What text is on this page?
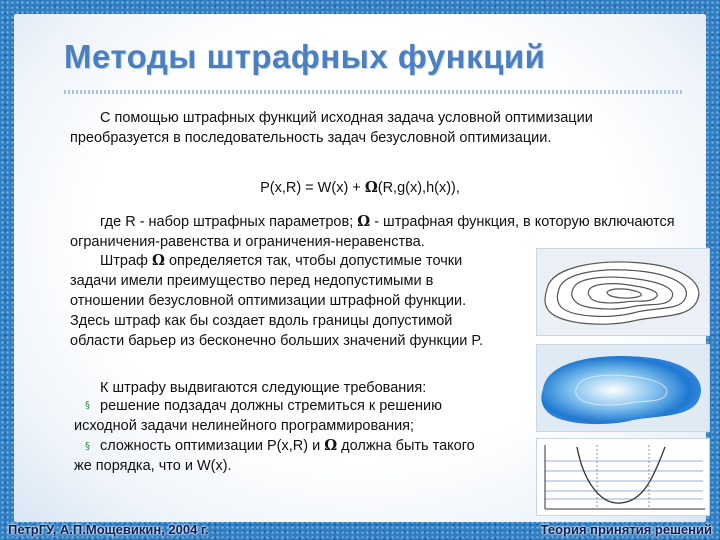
Методы штрафных функций

С помощью штрафных функций исходная задача условной оптимизации преобразуется в последовательность задач безусловной оптимизации.

P(x,R) = W(x) + Ω(R,g(x),h(x)),

где R - набор штрафных параметров; Ω - штрафная функция, в которую включаются ограничения-равенства и ограничения-неравенства.

Штраф Ω определяется так, чтобы допустимые точки задачи имели преимущество перед недопустимыми в отношении безусловной оптимизации штрафной функции. Здесь штраф как бы создает вдоль границы допустимой области барьер из бесконечно больших значений функции P.

К штрафу выдвигаются следующие требования:

§ решение подзадач должны стремиться к решению исходной задачи нелинейного программирования;
§ сложность оптимизации P(x,R) и Ω должна быть такого же порядка, что и W(x).
ПетрГУ, А.П.Мощевикин, 2004 г.	Теория принятия решений
